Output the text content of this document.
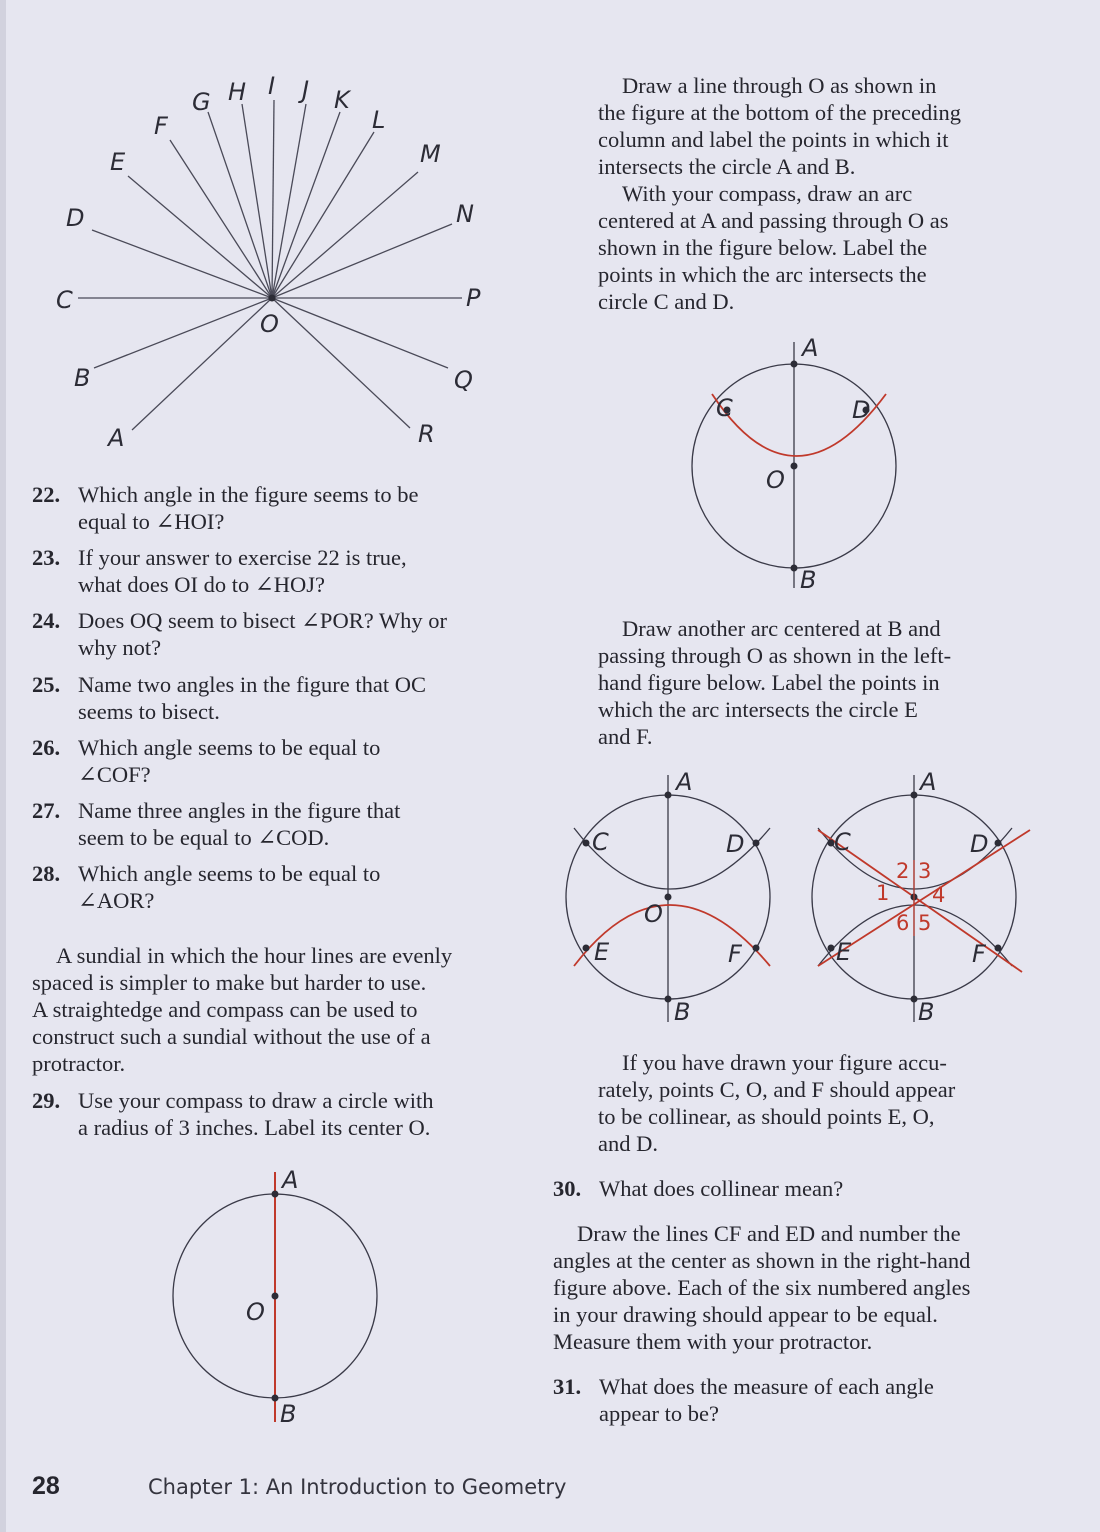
A
B
C
D
E
F
G H I J K
L
M
N
P
Q
R
O
22. Which angle in the figure seems to be
equal to ∠HOI?
23. If your answer to exercise 22 is true,
what does OI do to ∠HOJ?
24. Does OQ seem to bisect ∠POR? Why or
why not?
25. Name two angles in the figure that OC
seems to bisect.
26. Which angle seems to be equal to
∠COF?
27. Name three angles in the figure that
seem to be equal to ∠COD.
28. Which angle seems to be equal to
∠AOR?

A sundial in which the hour lines are evenly
spaced is simpler to make but harder to use.
A straightedge and compass can be used to
construct such a sundial without the use of a
protractor.

29. Use your compass to draw a circle with
a radius of 3 inches. Label its center O.
A
O
B

Draw a line through O as shown in
the figure at the bottom of the preceding
column and label the points in which it
intersects the circle A and B.

With your compass, draw an arc
centered at A and passing through O as
shown in the figure below. Label the
points in which the arc intersects the
circle C and D.

A
C	D
O
B

Draw another arc centered at B and
passing through O as shown in the left-
hand figure below. Label the points in
which the arc intersects the circle E
and F.

A
C	D
O
E	F
B
A
C	D
E	F
B
1
2 3
4
5
6

If you have drawn your figure accu-
rately, points C, O, and F should appear
to be collinear, as should points E, O,
and D.

30. What does collinear mean?

Draw the lines CF and ED and number the
angles at the center as shown in the right-hand
figure above. Each of the six numbered angles
in your drawing should appear to be equal.
Measure them with your protractor.

31. What does the measure of each angle
appear to be?
28	Chapter 1: An Introduction to Geometry
